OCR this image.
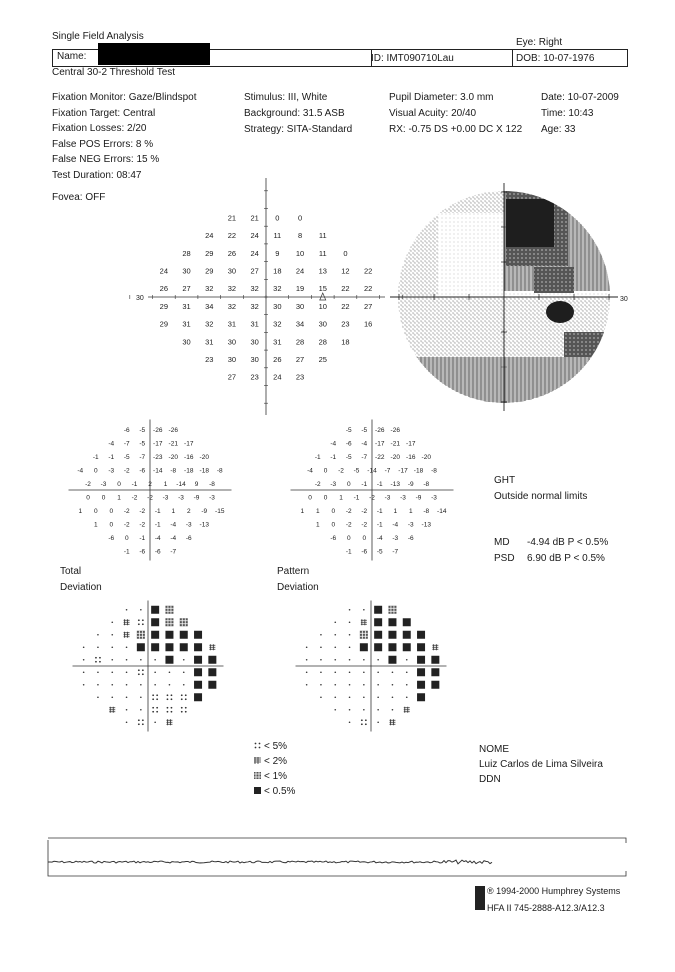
Single Field Analysis
Name:	ID: IMT090710Lau
Eye: Right
DOB: 10-07-1976
Central 30-2 Threshold Test
Fixation Monitor: Gaze/Blindspot
Fixation Target: Central
Fixation Losses: 2/20
False POS Errors: 8 %
False NEG Errors: 15 %
Test Duration: 08:47
Stimulus: III, White
Background: 31.5 ASB
Strategy: SITA-Standard
Pupil Diameter: 3.0 mm
Visual Acuity: 20/40
RX: -0.75 DS +0.00 DC X 122
Date: 10-07-2009
Time: 10:43
Age: 33
Fovea: OFF
30
21 21 0 0
24 22 24 11 8 11
28 29 26 24 9 10 11 0
24 30 29 30 27 18 24 13 12 22
26 27 32 32 32 32 19 15 22 22
29 31 34 32 32 30 30 10 22 27
29 31 32 31 31 32 34 30 23 16
30 31 30 30 31 28 28 18
23 30 30 26 27 25
27 23 24 23
30
-6 -5 -26 -26
-4 -7 -5 -17 -21 -17
-1 -1 -5 -7 -23 -20 -16 -20
-4 0 -3 -2 -6 -14 -8 -18 -18 -8
-2 -3 0 -1 2 1 -14 9 -8
0 0 1 -2 -2 -3 -3 -9 -3
1 0 0 -2 -2 -1 1 2 -9 -15
1 0 -2 -2 -1 -4 -3 -13
-6 0 -1 -4 -4 -6
-1 -6 -6 -7
-5 -5 -26 -26
-4 -6 -4 -17 -21 -17
-1 -1 -5 -7 -22 -20 -16 -20
-4 0 -2 -5 -14 -7 -17 -18 -8
-2 -3 0 -1 -1 -13 -9 -8
0 0 1 -1 -2 -3 -3 -9 -3
1 1 0 -2 -2 -1 1 1 -8 -14
1 0 -2 -2 -1 -4 -3 -13
-6 0 0 -4 -3 -6
-1 -6 -5 -7
Total
Deviation
Pattern
Deviation
GHT
Outside normal limits
MD -4.94 dB P < 0.5%
PSD 6.90 dB P < 0.5%
< 5%
< 2%
< 1%
< 0.5%
NOME
Luiz Carlos de Lima Silveira
DDN
® 1994-2000 Humphrey Systems
HFA II 745-2888-A12.3/A12.3
